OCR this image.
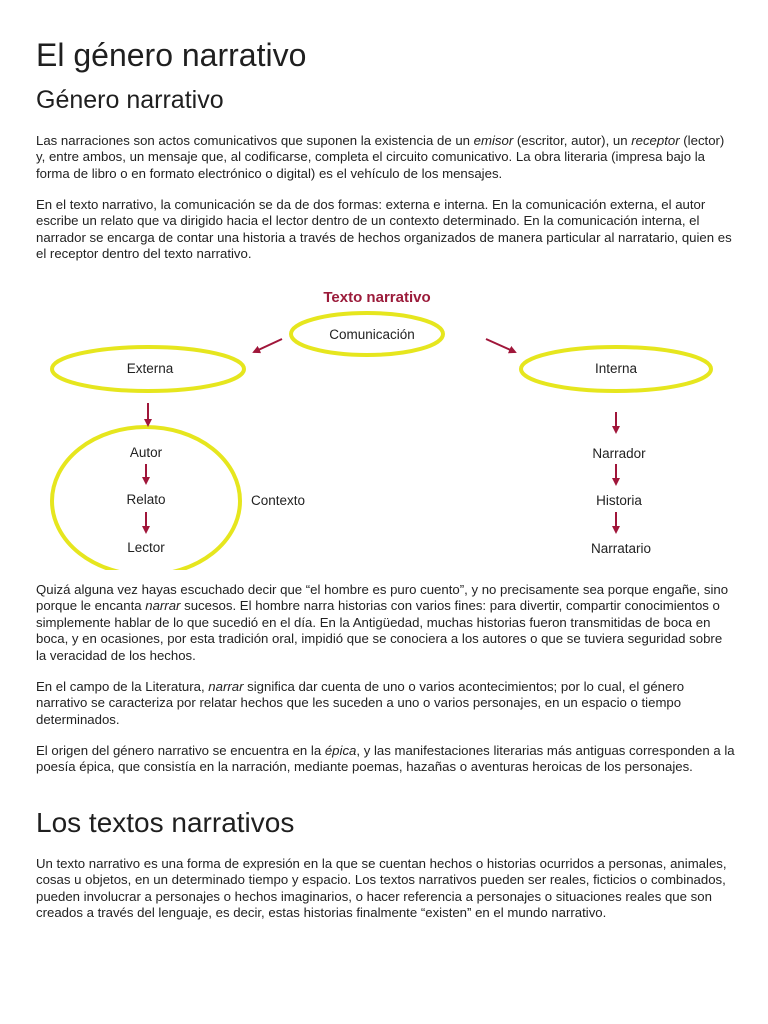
El género narrativo
Género narrativo

Las narraciones son actos comunicativos que suponen la existencia de un emisor (escritor, autor), un receptor (lector) y, entre ambos, un mensaje que, al codificarse, completa el circuito comunicativo. La obra literaria (impresa bajo la forma de libro o en formato electrónico o digital) es el vehículo de los mensajes.

En el texto narrativo, la comunicación se da de dos formas: externa e interna. En la comunicación externa, el autor escribe un relato que va dirigido hacia el lector dentro de un contexto determinado. En la comunicación interna, el narrador se encarga de contar una historia a través de hechos organizados de manera particular al narratario, quien es el receptor dentro del texto narrativo.

Texto narrativo
Comunicación
Externa	Interna
Autor
Relato
Lector
Contexto
Narrador
Historia
Narratario

Quizá alguna vez hayas escuchado decir que “el hombre es puro cuento”, y no precisamente sea porque engañe, sino porque le encanta narrar sucesos. El hombre narra historias con varios fines: para divertir, compartir conocimientos o simplemente hablar de lo que sucedió en el día. En la Antigüedad, muchas historias fueron transmitidas de boca en boca, y en ocasiones, por esta tradición oral, impidió que se conociera a los autores o que se tuviera seguridad sobre la veracidad de los hechos.

En el campo de la Literatura, narrar significa dar cuenta de uno o varios acontecimientos; por lo cual, el género narrativo se caracteriza por relatar hechos que les suceden a uno o varios personajes, en un espacio o tiempo determinados.

El origen del género narrativo se encuentra en la épica, y las manifestaciones literarias más antiguas corresponden a la poesía épica, que consistía en la narración, mediante poemas, hazañas o aventuras heroicas de los personajes.

Los textos narrativos

Un texto narrativo es una forma de expresión en la que se cuentan hechos o historias ocurridos a personas, animales, cosas u objetos, en un determinado tiempo y espacio. Los textos narrativos pueden ser reales, ficticios o combinados, pueden involucrar a personajes o hechos imaginarios, o hacer referencia a personajes o situaciones reales que son creados a través del lenguaje, es decir, estas historias finalmente “existen” en el mundo narrativo.
